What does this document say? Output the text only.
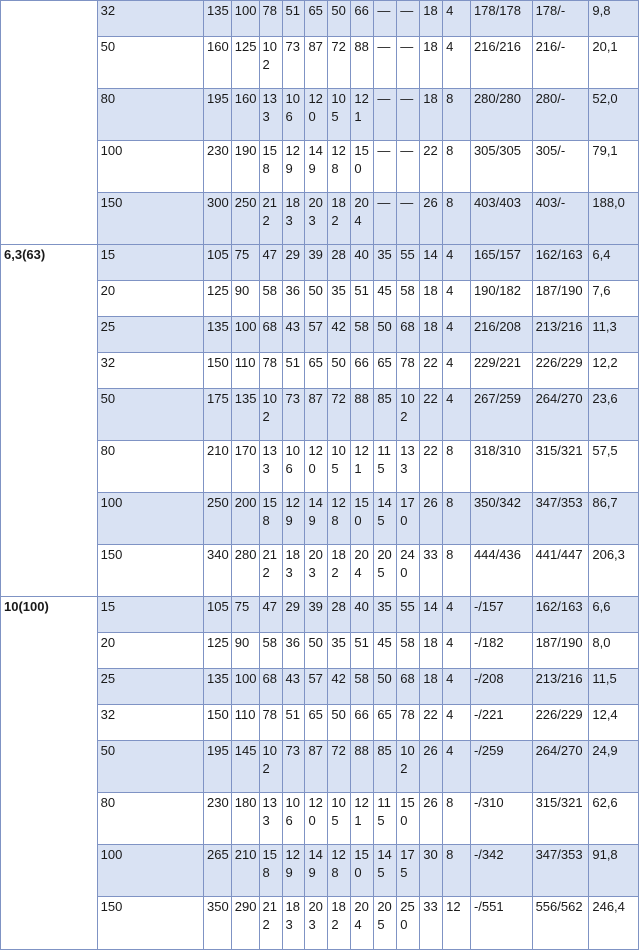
	32	135	100	78	51	65	50	66	—	—	18	4	178/178	178/-	9,8
	50	160	125	102	73	87	72	88	—	—	18	4	216/216	216/-	20,1
	80	195	160	133	106	120	105	121	—	—	18	8	280/280	280/-	52,0
	100	230	190	158	129	149	128	150	—	—	22	8	305/305	305/-	79,1
	150	300	250	212	183	203	182	204	—	—	26	8	403/403	403/-	188,0
6,3(63)	15	105	75	47	29	39	28	40	35	55	14	4	165/157	162/163	6,4
	20	125	90	58	36	50	35	51	45	58	18	4	190/182	187/190	7,6
	25	135	100	68	43	57	42	58	50	68	18	4	216/208	213/216	11,3
	32	150	110	78	51	65	50	66	65	78	22	4	229/221	226/229	12,2
	50	175	135	102	73	87	72	88	85	102	22	4	267/259	264/270	23,6
	80	210	170	133	106	120	105	121	115	133	22	8	318/310	315/321	57,5
	100	250	200	158	129	149	128	150	145	170	26	8	350/342	347/353	86,7
	150	340	280	212	183	203	182	204	205	240	33	8	444/436	441/447	206,3
10(100)	15	105	75	47	29	39	28	40	35	55	14	4	-/157	162/163	6,6
	20	125	90	58	36	50	35	51	45	58	18	4	-/182	187/190	8,0
	25	135	100	68	43	57	42	58	50	68	18	4	-/208	213/216	11,5
	32	150	110	78	51	65	50	66	65	78	22	4	-/221	226/229	12,4
	50	195	145	102	73	87	72	88	85	102	26	4	-/259	264/270	24,9
	80	230	180	133	106	120	105	121	115	150	26	8	-/310	315/321	62,6
	100	265	210	158	129	149	128	150	145	175	30	8	-/342	347/353	91,8
	150	350	290	212	183	203	182	204	205	250	33	12	-/551	556/562	246,4
